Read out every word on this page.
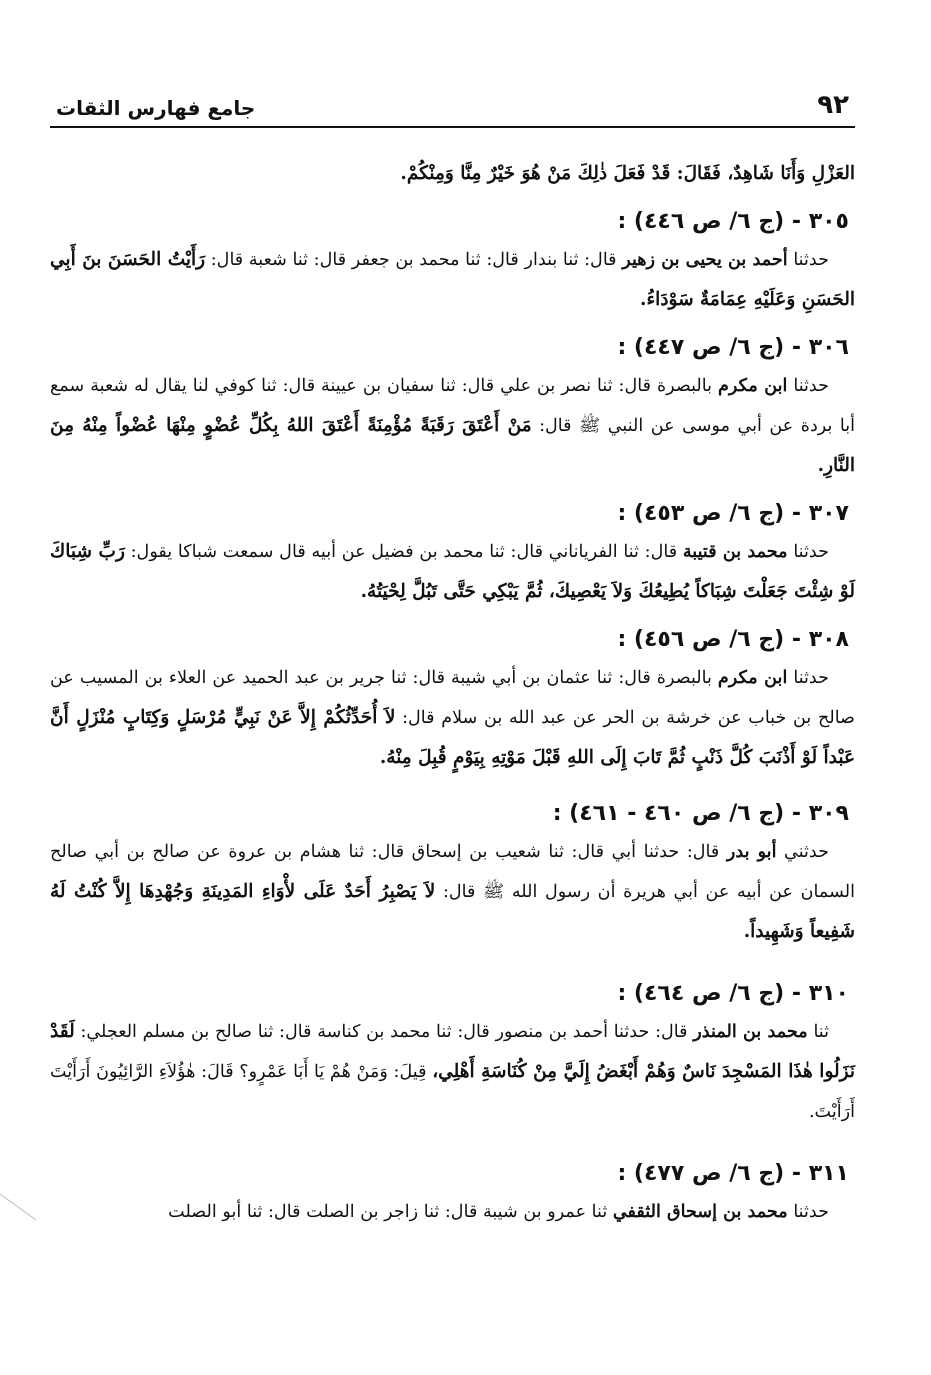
٩٢
جامع فهارس الثقات

العَزْلِ وَأَنَا شَاهِدٌ، فَقَالَ: قَدْ فَعَلَ ذٰلِكَ مَنْ هُوَ خَيْرٌ مِنَّا وَمِنْكُمْ.

٣٠٥ - (ج ٦/ ص ٤٤٦) :

حدثنا أحمد بن يحيى بن زهير قال: ثنا بندار قال: ثنا محمد بن جعفر قال: ثنا شعبة قال: رَأَيْتُ الحَسَنَ بنَ أَبِي الحَسَنِ وَعَلَيْهِ عِمَامَةٌ سَوْدَاءُ.

٣٠٦ - (ج ٦/ ص ٤٤٧) :

حدثنا ابن مكرم بالبصرة قال: ثنا نصر بن علي قال: ثنا سفيان بن عيينة قال: ثنا كوفي لنا يقال له شعبة سمع أبا بردة عن أبي موسى عن النبي ﷺ قال: مَنْ أَعْتَقَ رَقَبَةً مُؤْمِنَةً أَعْتَقَ اللهُ بِكُلِّ عُضْوٍ مِنْهَا عُضْواً مِنْهُ مِنَ النَّارِ.

٣٠٧ - (ج ٦/ ص ٤٥٣) :

حدثنا محمد بن قتيبة قال: ثنا الفرياناني قال: ثنا محمد بن فضيل عن أبيه قال سمعت شباكا يقول: رَبِّ شِبَاكَ لَوْ شِئْتَ جَعَلْتَ شِبَاكاً يُطِيعُكَ وَلاَ يَعْصِيكَ، ثُمَّ يَبْكِي حَتَّى تَبُلَّ لِحْيَتُهُ.

٣٠٨ - (ج ٦/ ص ٤٥٦) :

حدثنا ابن مكرم بالبصرة قال: ثنا عثمان بن أبي شيبة قال: ثنا جرير بن عبد الحميد عن العلاء بن المسيب عن صالح بن خباب عن خرشة بن الحر عن عبد الله بن سلام قال: لاَ أُحَدِّثُكُمْ إِلاَّ عَنْ نَبِيٍّ مُرْسَلٍ وَكِتَابٍ مُنْزَلٍ أَنَّ عَبْداً لَوْ أَذْنَبَ كُلَّ ذَنْبٍ ثُمَّ تَابَ إِلَى اللهِ قَبْلَ مَوْتِهِ بِيَوْمٍ قُبِلَ مِنْهُ.

٣٠٩ - (ج ٦/ ص ٤٦٠ - ٤٦١) :

حدثني أبو بدر قال: حدثنا أبي قال: ثنا شعيب بن إسحاق قال: ثنا هشام بن عروة عن صالح بن أبي صالح السمان عن أبيه عن أبي هريرة أن رسول الله ﷺ قال: لاَ يَصْبِرُ أَحَدٌ عَلَى لأْوَاءِ المَدِينَةِ وَجُهْدِهَا إِلاَّ كُنْتُ لَهُ شَفِيعاً وَشَهِيداً.

٣١٠ - (ج ٦/ ص ٤٦٤) :

ثنا محمد بن المنذر قال: حدثنا أحمد بن منصور قال: ثنا محمد بن كناسة قال: ثنا صالح بن مسلم العجلي: لَقَدْ نَزَلُوا هٰذَا المَسْجِدَ نَاسٌ وَهُمْ أَبْغَضُ إِلَيَّ مِنْ كُنَاسَةِ أَهْلِي، قِيلَ: وَمَنْ هُمْ يَا أَبَا عَمْرٍو؟ قَالَ: هٰؤُلاَءِ الرَّائِيُونَ أَرَأَيْتَ أَرَأَيْتَ.

٣١١ - (ج ٦/ ص ٤٧٧) :

حدثنا محمد بن إسحاق الثقفي ثنا عمرو بن شيبة قال: ثنا زاجر بن الصلت قال: ثنا أبو الصلت
